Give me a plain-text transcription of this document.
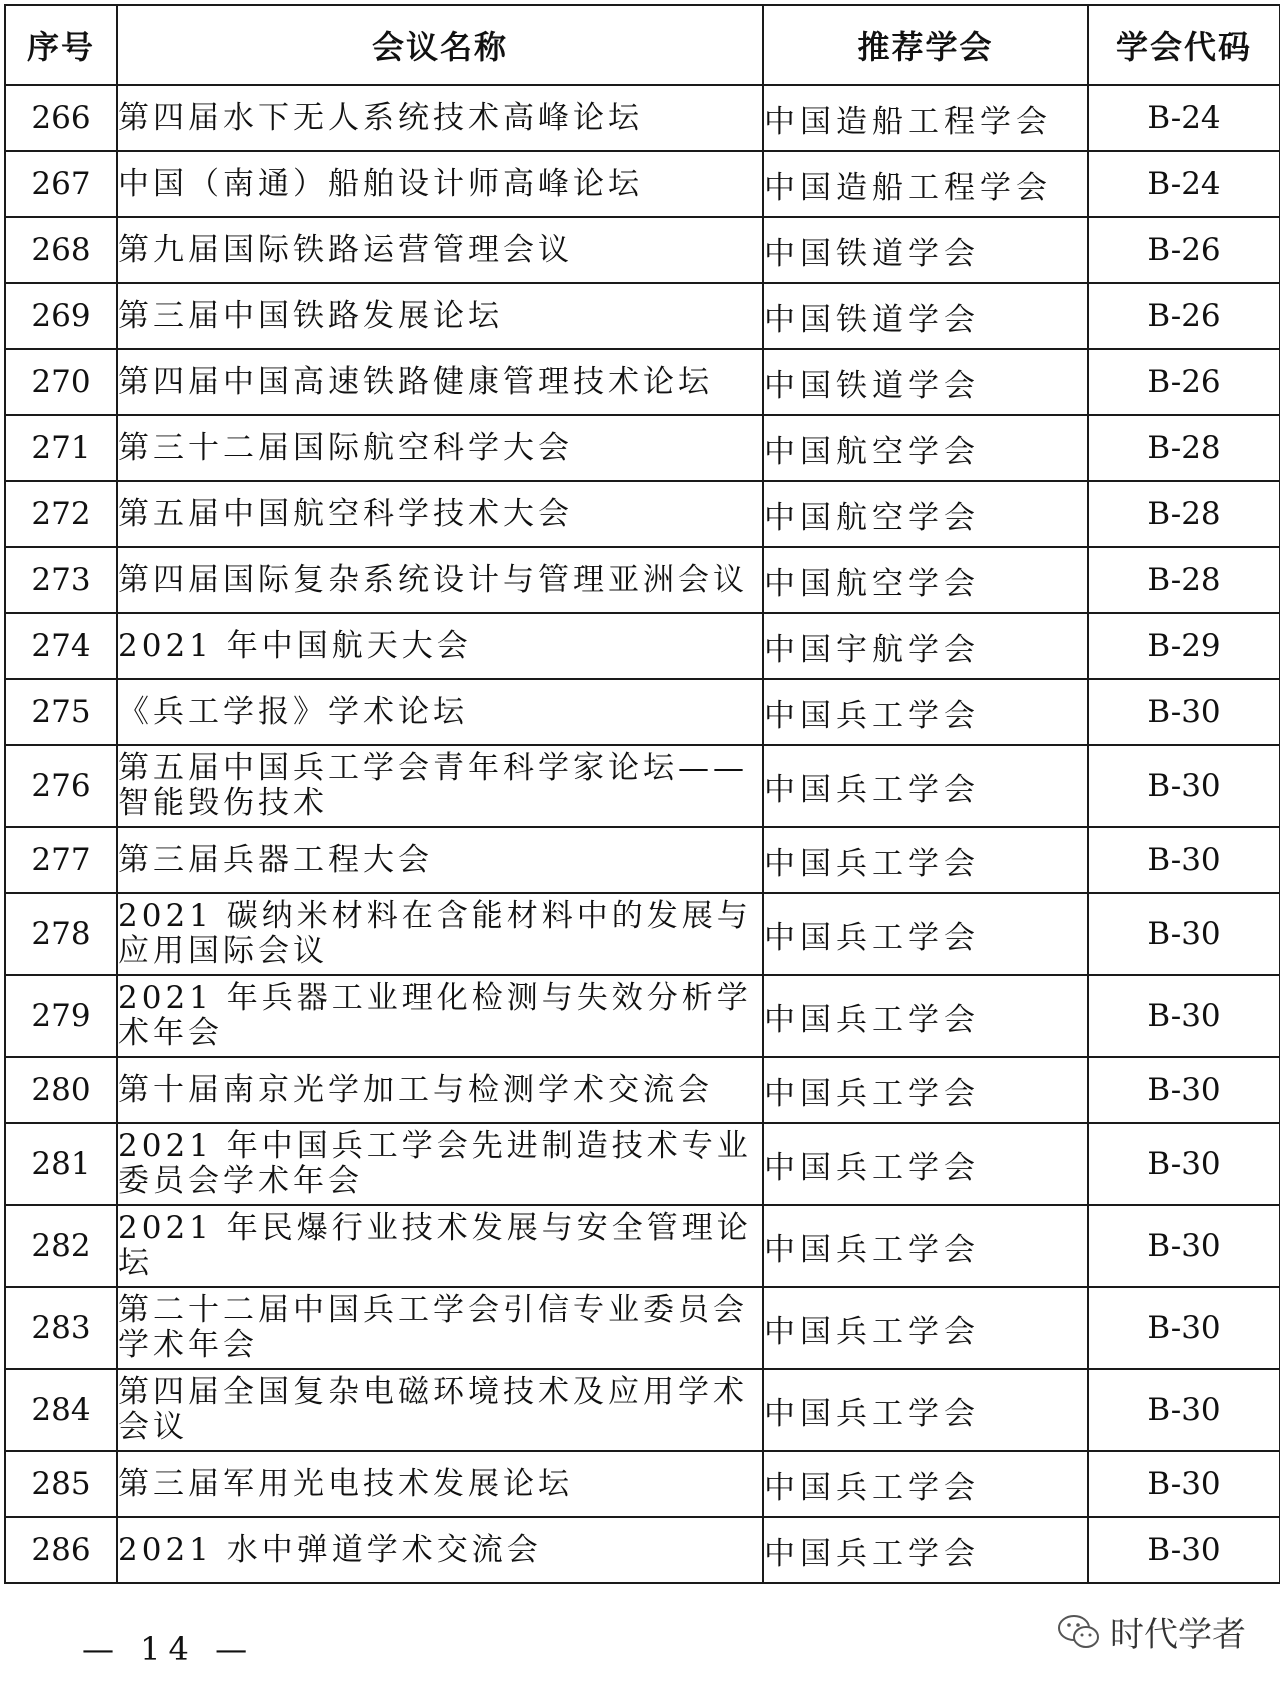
序号	会议名称	推荐学会	学会代码
266	第四届水下无人系统技术高峰论坛	中国造船工程学会	B-24
267	中国（南通）船舶设计师高峰论坛	中国造船工程学会	B-24
268	第九届国际铁路运营管理会议	中国铁道学会	B-26
269	第三届中国铁路发展论坛	中国铁道学会	B-26
270	第四届中国高速铁路健康管理技术论坛	中国铁道学会	B-26
271	第三十二届国际航空科学大会	中国航空学会	B-28
272	第五届中国航空科学技术大会	中国航空学会	B-28
273	第四届国际复杂系统设计与管理亚洲会议	中国航空学会	B-28
274	2021 年中国航天大会	中国宇航学会	B-29
275	《兵工学报》学术论坛	中国兵工学会	B-30
276	第五届中国兵工学会青年科学家论坛——智能毁伤技术	中国兵工学会	B-30
277	第三届兵器工程大会	中国兵工学会	B-30
278	2021 碳纳米材料在含能材料中的发展与应用国际会议	中国兵工学会	B-30
279	2021 年兵器工业理化检测与失效分析学术年会	中国兵工学会	B-30
280	第十届南京光学加工与检测学术交流会	中国兵工学会	B-30
281	2021 年中国兵工学会先进制造技术专业委员会学术年会	中国兵工学会	B-30
282	2021 年民爆行业技术发展与安全管理论坛	中国兵工学会	B-30
283	第二十二届中国兵工学会引信专业委员会学术年会	中国兵工学会	B-30
284	第四届全国复杂电磁环境技术及应用学术会议	中国兵工学会	B-30
285	第三届军用光电技术发展论坛	中国兵工学会	B-30
286	2021 水中弹道学术交流会	中国兵工学会	B-30
— 14 —	时代学者
